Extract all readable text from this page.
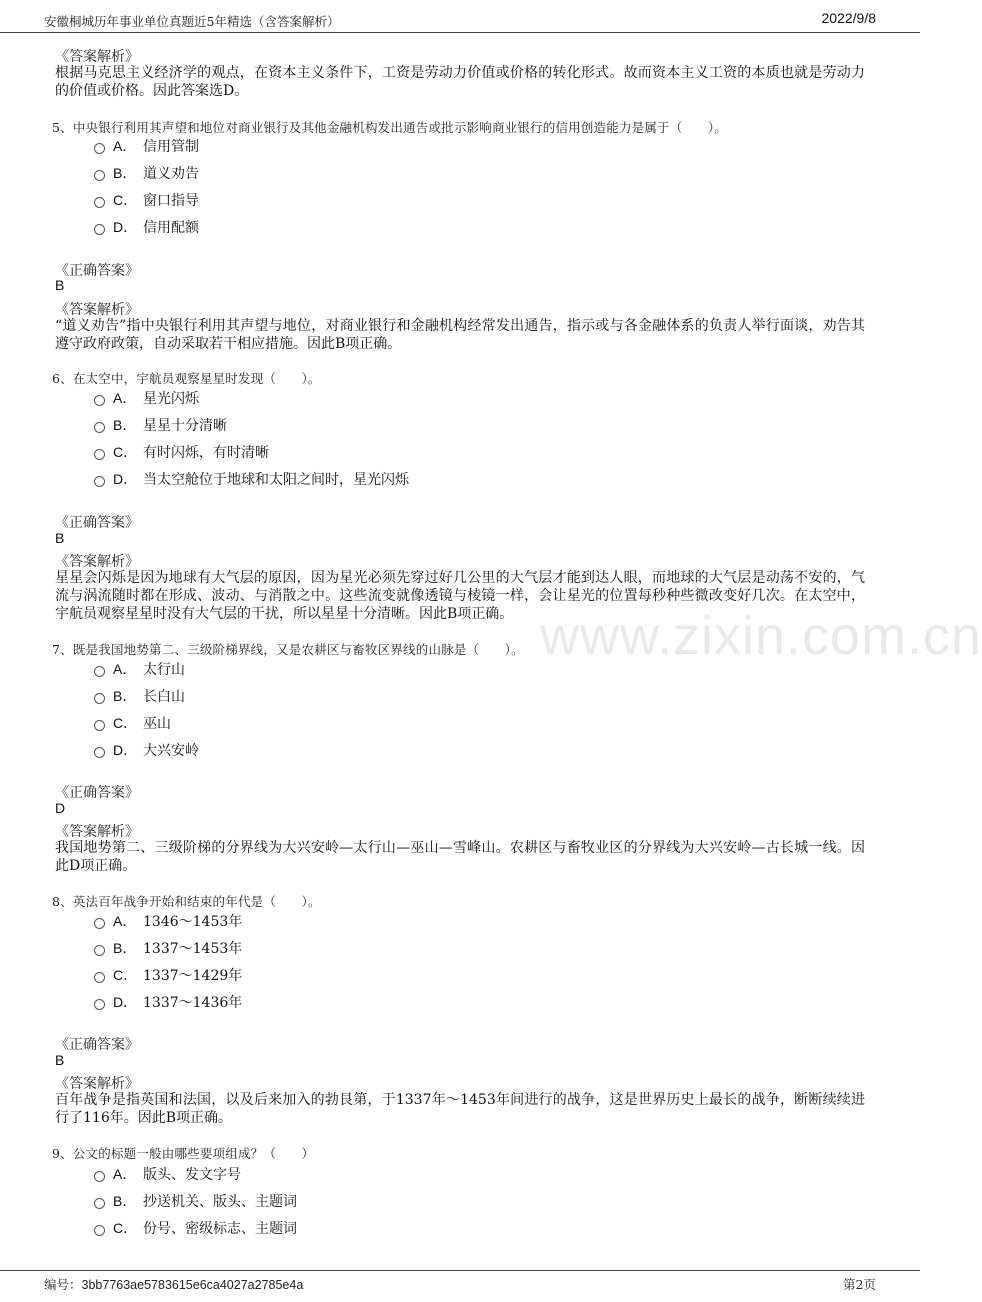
安徽桐城历年事业单位真题近5年精选（含答案解析）	2022/9/8
www.zixin.com.cn
《答案解析》
根据马克思主义经济学的观点，在资本主义条件下，工资是劳动力价值或价格的转化形式。故而资本主义工资的本质也就是劳动力的价值或价格。因此答案选D。
5、中央银行利用其声望和地位对商业银行及其他金融机构发出通告或批示影响商业银行的信用创造能力是属于（　　）。
A． 信用管制
B． 道义劝告
C． 窗口指导
D． 信用配额
《正确答案》
B
《答案解析》
“道义劝告”指中央银行利用其声望与地位，对商业银行和金融机构经常发出通告，指示或与各金融体系的负责人举行面谈，劝告其遵守政府政策，自动采取若干相应措施。因此B项正确。
6、在太空中，宇航员观察星星时发现（　　）。
A． 星光闪烁
B． 星星十分清晰
C． 有时闪烁，有时清晰
D． 当太空舱位于地球和太阳之间时，星光闪烁
《正确答案》
B
《答案解析》
星星会闪烁是因为地球有大气层的原因，因为星光必须先穿过好几公里的大气层才能到达人眼，而地球的大气层是动荡不安的，气流与涡流随时都在形成、波动、与消散之中。这些流变就像透镜与棱镜一样，会让星光的位置每秒种些微改变好几次。在太空中，宇航员观察星星时没有大气层的干扰，所以星星十分清晰。因此B项正确。
7、既是我国地势第二、三级阶梯界线，又是农耕区与畜牧区界线的山脉是（　　）。
A． 太行山
B． 长白山
C． 巫山
D． 大兴安岭
《正确答案》
D
《答案解析》
我国地势第二、三级阶梯的分界线为大兴安岭—太行山—巫山—雪峰山。农耕区与畜牧业区的分界线为大兴安岭—古长城一线。因此D项正确。
8、英法百年战争开始和结束的年代是（　　）。
A． 1346～1453年
B． 1337～1453年
C． 1337～1429年
D． 1337～1436年
《正确答案》
B
《答案解析》
百年战争是指英国和法国，以及后来加入的勃艮第，于1337年～1453年间进行的战争，这是世界历史上最长的战争，断断续续进行了116年。因此B项正确。
9、公文的标题一般由哪些要项组成？（　　）
A． 版头、发文字号
B． 抄送机关、版头、主题词
C． 份号、密级标志、主题词
编号：3bb7763ae5783615e6ca4027a2785e4a	第2页
